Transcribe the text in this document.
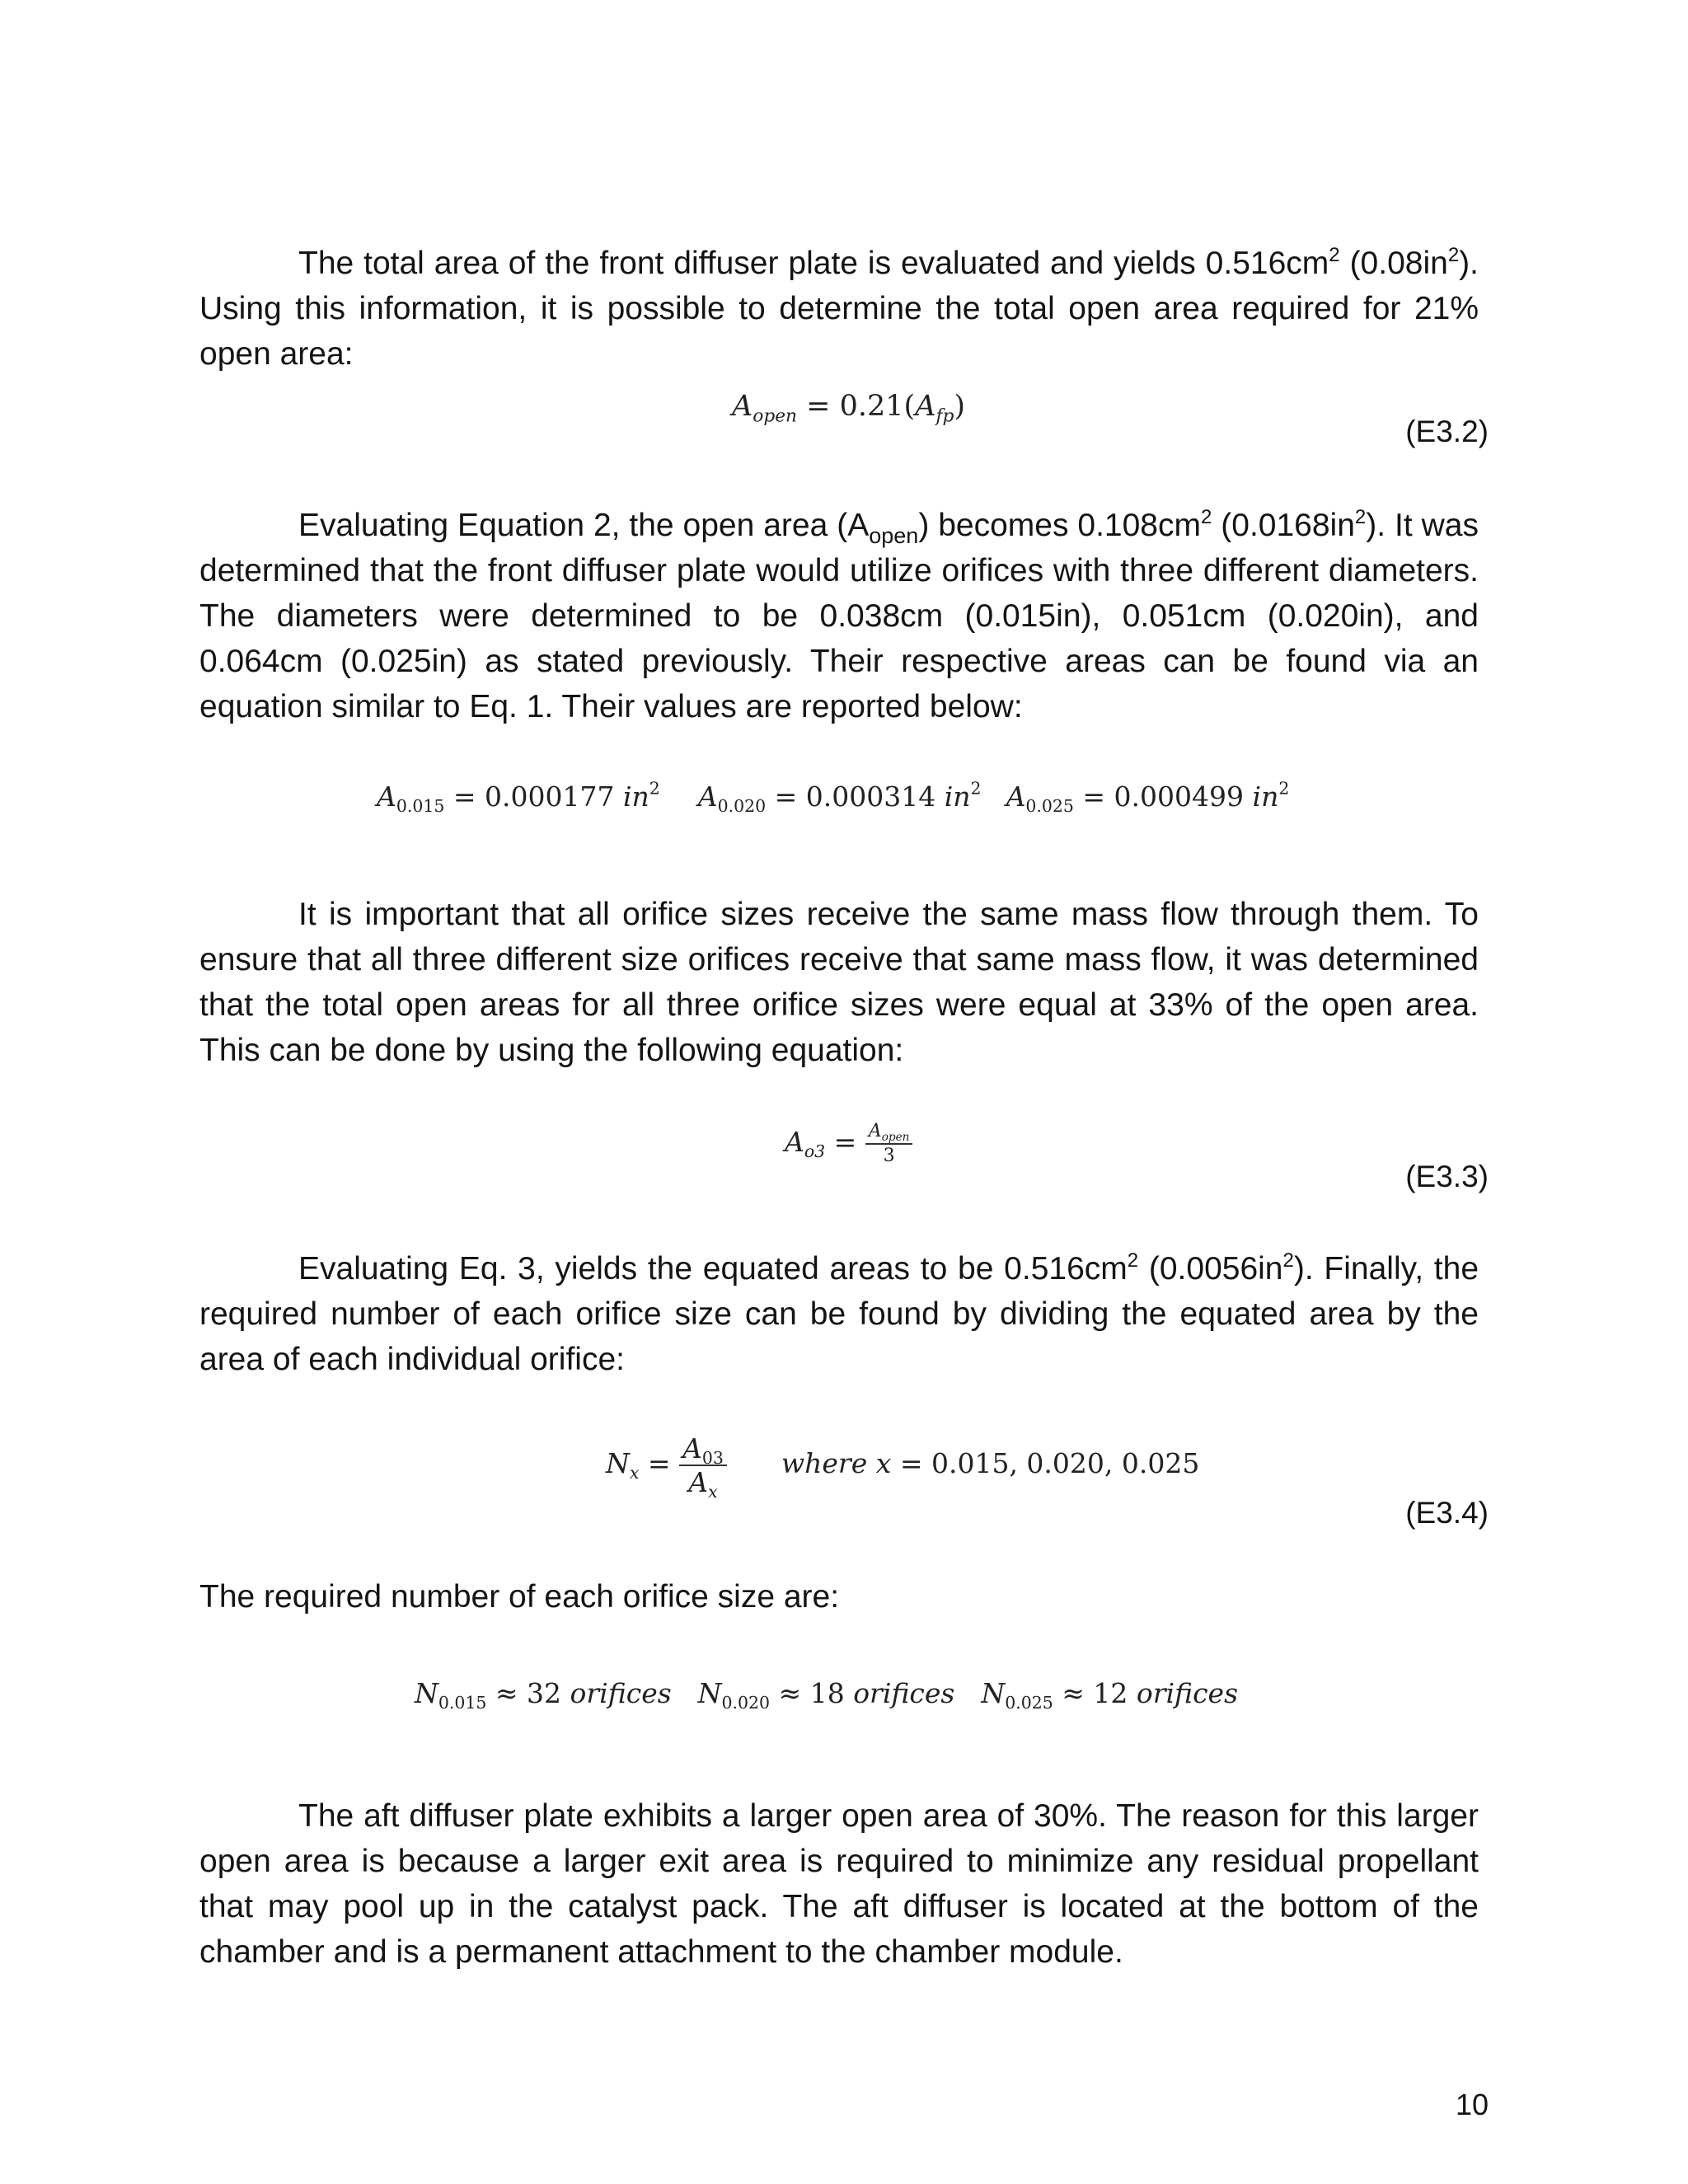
The total area of the front diffuser plate is evaluated and yields $0.516cm^2$ $(0.08in^2)$. Using this information, it is possible to determine the total open area required for 21% open area:

$A_{open} = 0.21(A_{fp})$
(E3.2)

Evaluating Equation 2, the open area $(A_{open})$ becomes $0.108cm^2$ $(0.0168in^2)$. It was determined that the front diffuser plate would utilize orifices with three different diameters. The diameters were determined to be 0.038cm (0.015in), 0.051cm (0.020in), and 0.064cm (0.025in) as stated previously. Their respective areas can be found via an equation similar to Eq. 1. Their values are reported below:

$A_{0.015} = 0.000177$ $in^2$ $A_{0.020} = 0.000314$ $in^2$ $A_{0.025} = 0.000499$ $in^2$

It is important that all orifice sizes receive the same mass flow through them. To ensure that all three different size orifices receive that same mass flow, it was determined that the total open areas for all three orifice sizes were equal at 33% of the open area. This can be done by using the following equation:

$A_{o3} = \frac{A_{open}}{3}$
(E3.3)

Evaluating Eq. 3, yields the equated areas to be $0.516cm^2$ $(0.0056in^2)$. Finally, the required number of each orifice size can be found by dividing the equated area by the area of each individual orifice:

$N_x = \frac{A_{03}}{A_x}$ where x = 0.015, 0.020, 0.025
(E3.4)

The required number of each orifice size are:

$N_{0.015} \approx 32$ orifices $N_{0.020} \approx 18$ orifices $N_{0.025} \approx 12$ orifices

The aft diffuser plate exhibits a larger open area of 30%. The reason for this larger open area is because a larger exit area is required to minimize any residual propellant that may pool up in the catalyst pack. The aft diffuser is located at the bottom of the chamber and is a permanent attachment to the chamber module.

10
